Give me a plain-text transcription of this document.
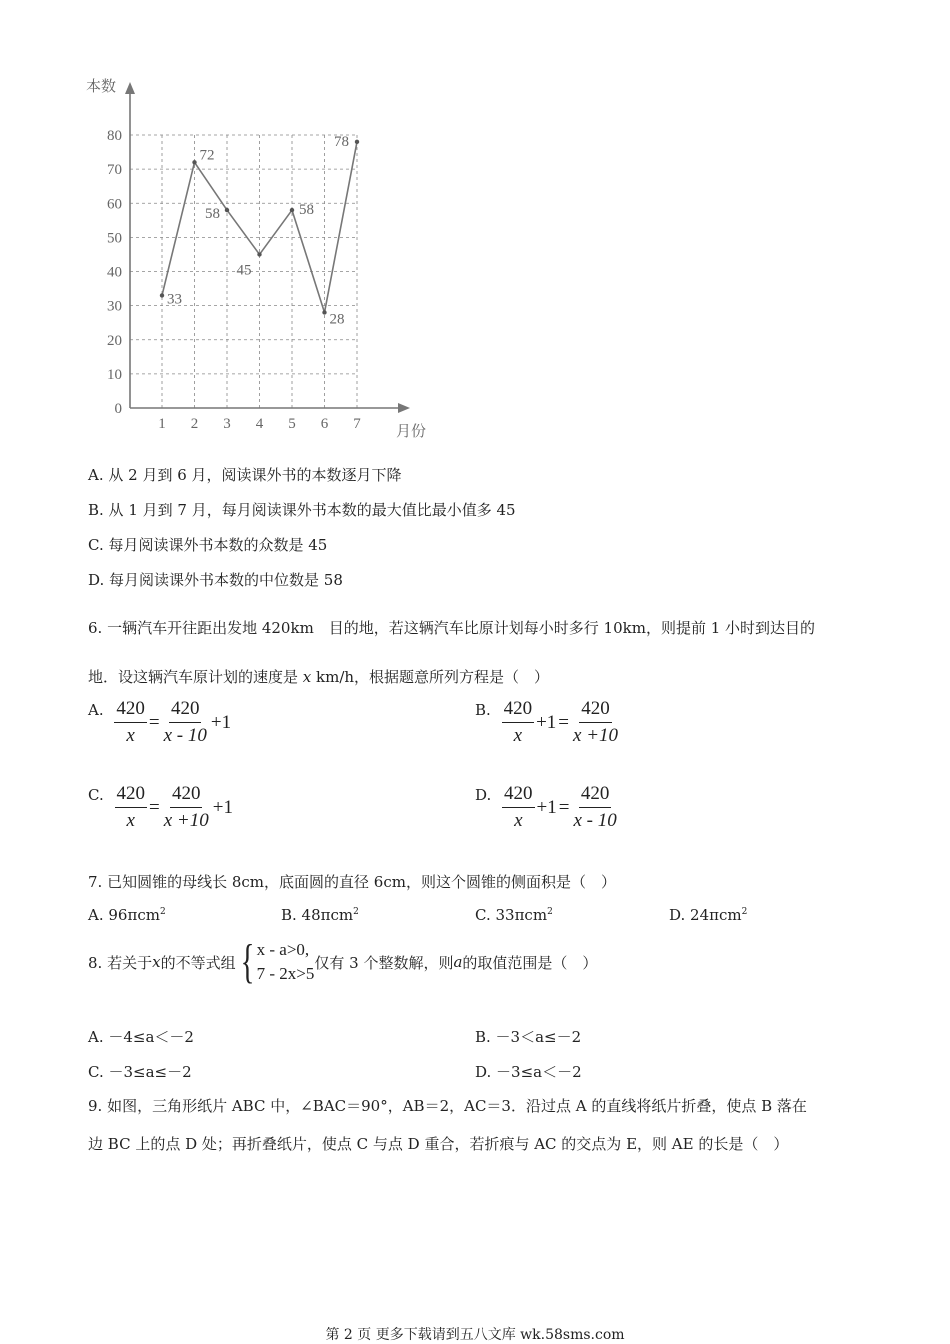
0
10
20
30
40
50
60
70
80
1 2 3 4 5 6 7
33
72
58
45
58
28
78
本数
月份
A. 从 2 月到 6 月，阅读课外书的本数逐月下降
B. 从 1 月到 7 月，每月阅读课外书本数的最大值比最小值多 45
C. 每月阅读课外书本数的众数是 45
D. 每月阅读课外书本数的中位数是 58
6. 一辆汽车开往距出发地 420km　目的地，若这辆汽车比原计划每小时多行 10km，则提前 1 小时到达目的
地．设这辆汽车原计划的速度是 x km/h，根据题意所列方程是（　）
A. $\frac{420}{x} = \frac{420}{x - 10} +1$
B. $\frac{420}{x} +1 = \frac{420}{x +10}$
C. $\frac{420}{x} = \frac{420}{x +10} +1$
D. $\frac{420}{x} +1 = \frac{420}{x - 10}$
7. 已知圆锥的母线长 8cm，底面圆的直径 6cm，则这个圆锥的侧面积是（　）
A. 96πcm$^2$	B. 48πcm$^2$	C. 33πcm$^2$	D. 24πcm$^2$
8. 若关于 x 的不等式组 { x - a>0,
7 - 2x>5
仅有 3 个整数解，则 a 的取值范围是（　）
A. －4≤a＜－2	B. －3＜a≤－2
C. －3≤a≤－2	D. －3≤a＜－2
9. 如图，三角形纸片 ABC 中，∠BAC＝90°，AB＝2，AC＝3．沿过点 A 的直线将纸片折叠，使点 B 落在
边 BC 上的点 D 处；再折叠纸片，使点 C 与点 D 重合，若折痕与 AC 的交点为 E，则 AE 的长是（　）
第 2 页 更多下载请到五八文库 wk.58sms.com
